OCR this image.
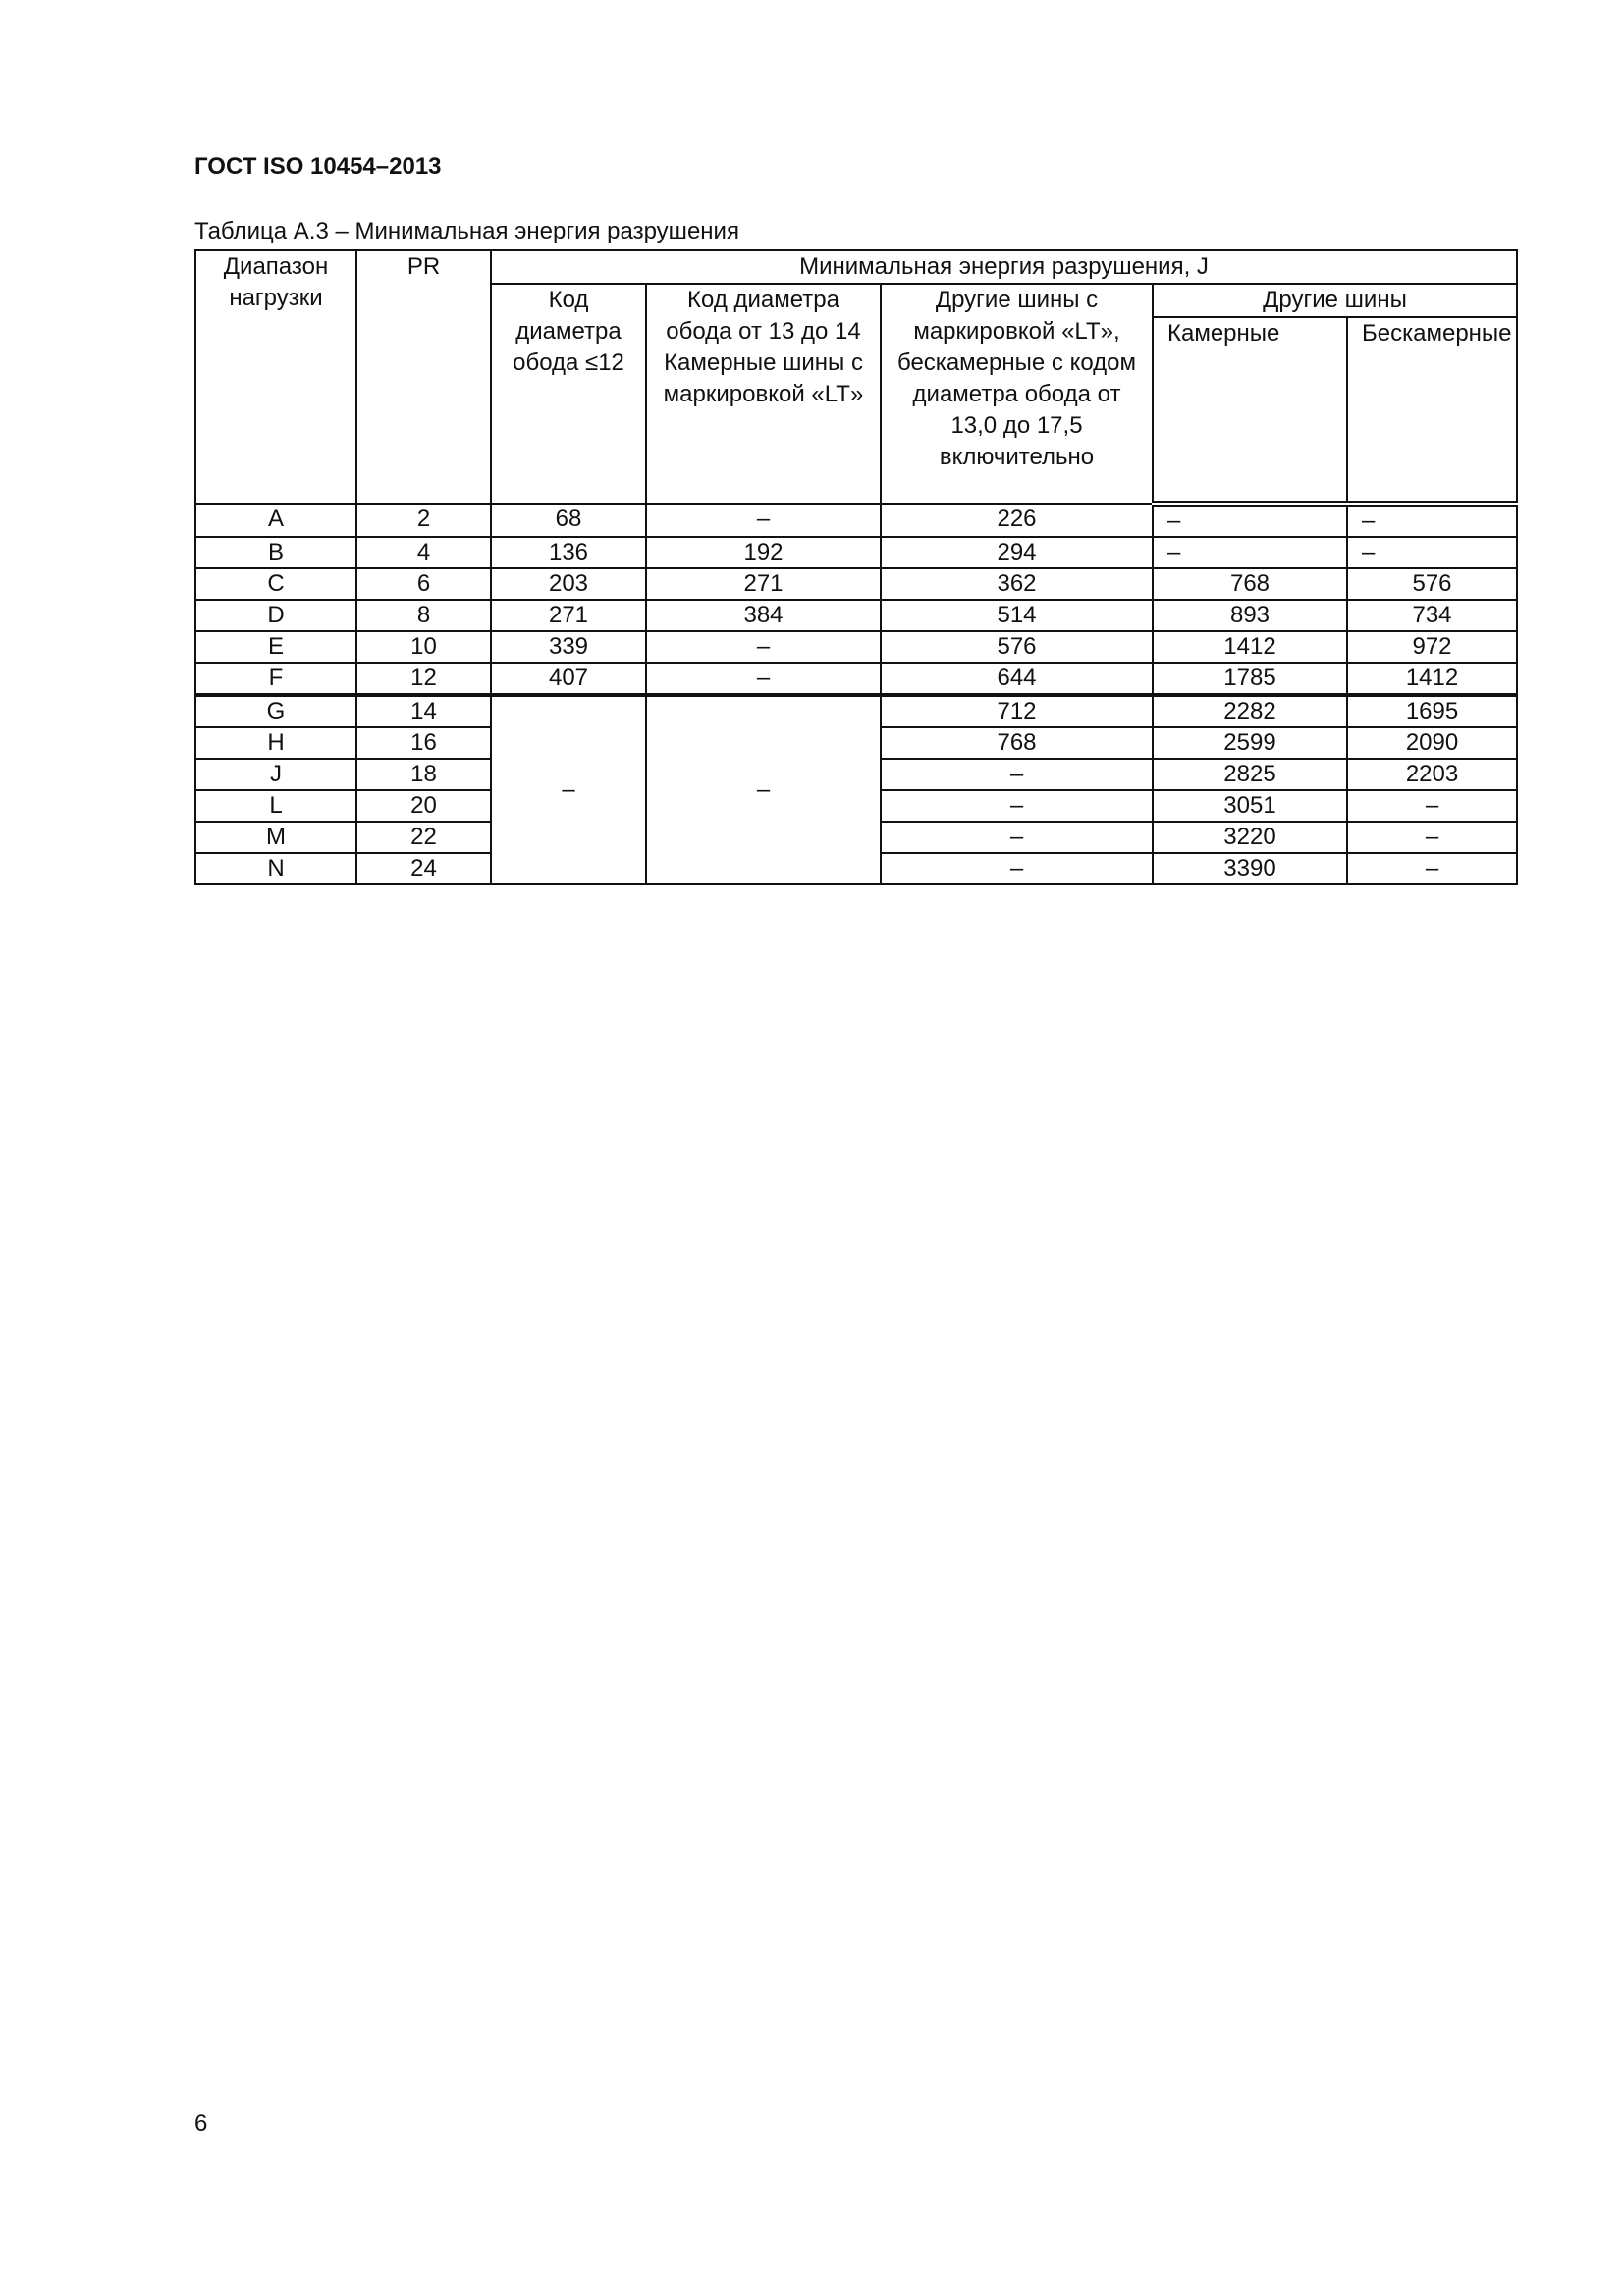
ГОСТ ISO 10454–2013
Таблица А.3 – Минимальная энергия разрушения
Диапазон нагрузки	PR	Минимальная энергия разрушения, J				
		Код диаметра обода ≤12	Код диаметра обода от 13 до 14 Камерные шины с маркировкой «LT»	Другие шины с маркировкой «LT», бескамерные с кодом диаметра обода от 13,0 до 17,5 включительно	Другие шины	
					Камерные	Бескамерные
A	2	68	–	226	–	–
B	4	136	192	294	–	–
C	6	203	271	362	768	576
D	8	271	384	514	893	734
E	10	339	–	576	1412	972
F	12	407	–	644	1785	1412
G	14	–	–	712	2282	1695
H	16			768	2599	2090
J	18			–	2825	2203
L	20			–	3051	–
M	22			–	3220	–
N	24			–	3390	–
6
